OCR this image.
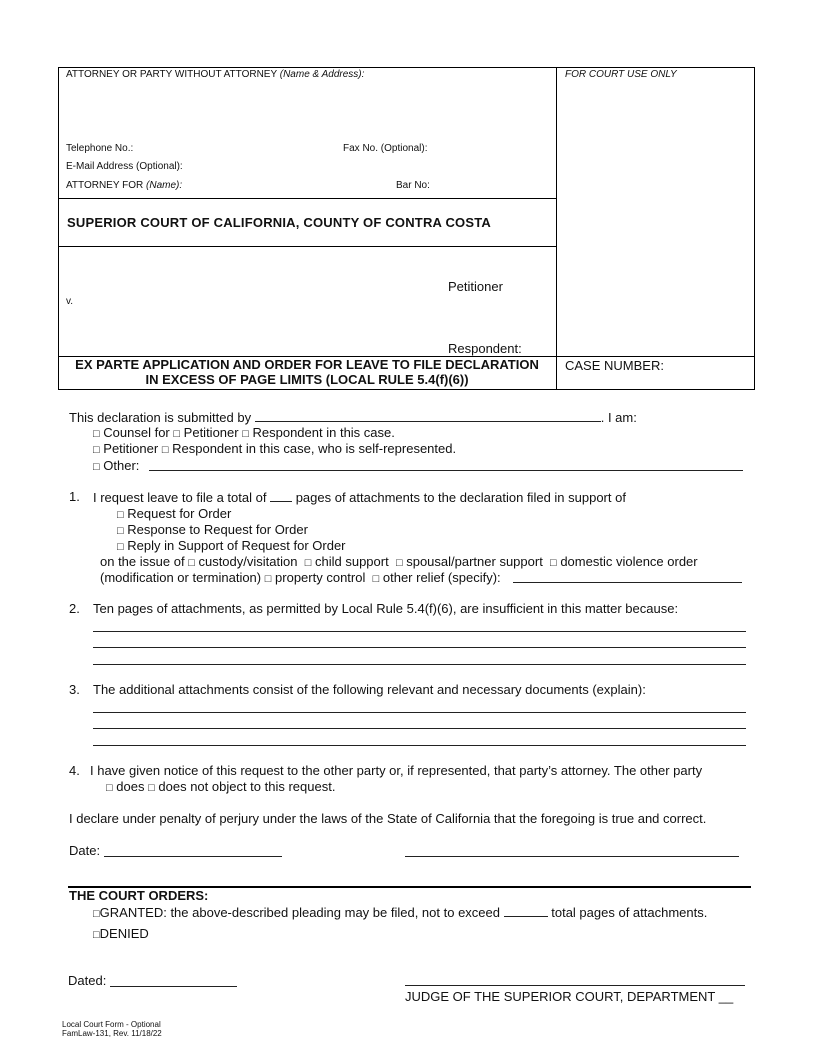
ATTORNEY OR PARTY WITHOUT ATTORNEY (Name & Address):	FOR COURT USE ONLY
Telephone No.:	Fax No. (Optional):
E-Mail Address (Optional):
ATTORNEY FOR (Name):	Bar No:
SUPERIOR COURT OF CALIFORNIA, COUNTY OF CONTRA COSTA
Petitioner
v.
Respondent:
EX PARTE APPLICATION AND ORDER FOR LEAVE TO FILE DECLARATION
IN EXCESS OF PAGE LIMITS (LOCAL RULE 5.4(f)(6))
CASE NUMBER:
This declaration is submitted by	. I am:
□ Counsel for □ Petitioner □ Respondent in this case.
□ Petitioner □ Respondent in this case, who is self-represented.
□ Other:
1. I request leave to file a total of pages of attachments to the declaration filed in support of
□ Request for Order
□ Response to Request for Order
□ Reply in Support of Request for Order
on the issue of □ custody/visitation □ child support □ spousal/partner support □ domestic violence order
(modification or termination) □ property control □ other relief (specify):
2. Ten pages of attachments, as permitted by Local Rule 5.4(f)(6), are insufficient in this matter because:
3. The additional attachments consist of the following relevant and necessary documents (explain):
4. I have given notice of this request to the other party or, if represented, that party’s attorney. The other party
□ does □ does not object to this request.
I declare under penalty of perjury under the laws of the State of California that the foregoing is true and correct.
Date:
THE COURT ORDERS:
□GRANTED: the above-described pleading may be filed, not to exceed	total pages of attachments.
□DENIED
Dated:
JUDGE OF THE SUPERIOR COURT, DEPARTMENT __
Local Court Form - Optional
FamLaw-131, Rev. 11/18/22
